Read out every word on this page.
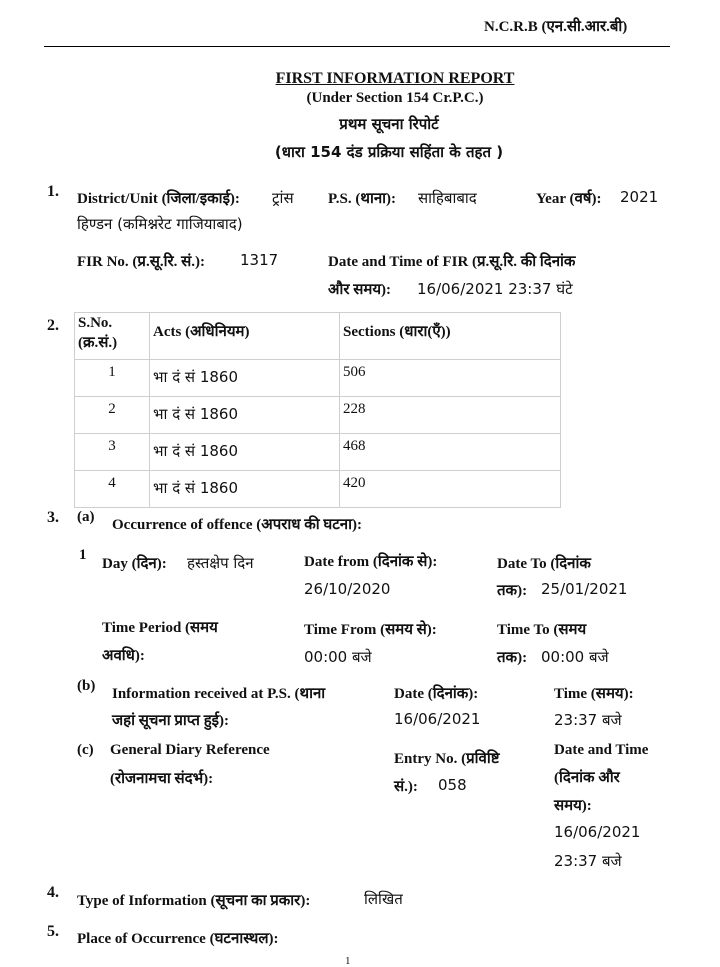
N.C.R.B (एन.सी.आर.बी)
FIRST INFORMATION REPORT
(Under Section 154 Cr.P.C.)
प्रथम सूचना रिपोर्ट
(धारा 154 दंड प्रक्रिया सहिंता के तहत )
1. District/Unit (जिला/इकाई): ट्रांस
हिण्डन (कमिश्नरेट गाजियाबाद)
P.S. (थाना): साहिबाबाद	Year (वर्ष): 2021
FIR No. (प्र.सू.रि. सं.): 1317	Date and Time of FIR (प्र.सू.रि. की दिनांक
और समय): 16/06/2021 23:37 घंटे
2. S.No.
(क्र.सं.)	Acts (अधिनियम)	Sections (धारा(एँ))
1	भा दं सं 1860	506
2	भा दं सं 1860	228
3	भा दं सं 1860	468
4	भा दं सं 1860	420
3. (a) Occurrence of offence (अपराध की घटना):
1
Day (दिन): हस्तक्षेप दिन	Date from (दिनांक से):
26/10/2020
Date To (दिनांक
तक): 25/01/2021
Time Period (समय
अवधि):
Time From (समय से):
00:00 बजे
Time To (समय
तक): 00:00 बजे
(b) Information received at P.S. (थाना
जहां सूचना प्राप्त हुई):
Date (दिनांक):
16/06/2021
Time (समय):
23:37 बजे
(c) General Diary Reference
(रोजनामचा संदर्भ):
Entry No. (प्रविष्टि
सं.): 058
Date and Time
(दिनांक और
समय):
16/06/2021
23:37 बजे
4. Type of Information (सूचना का प्रकार):	लिखित
5. Place of Occurrence (घटनास्थल):
1
